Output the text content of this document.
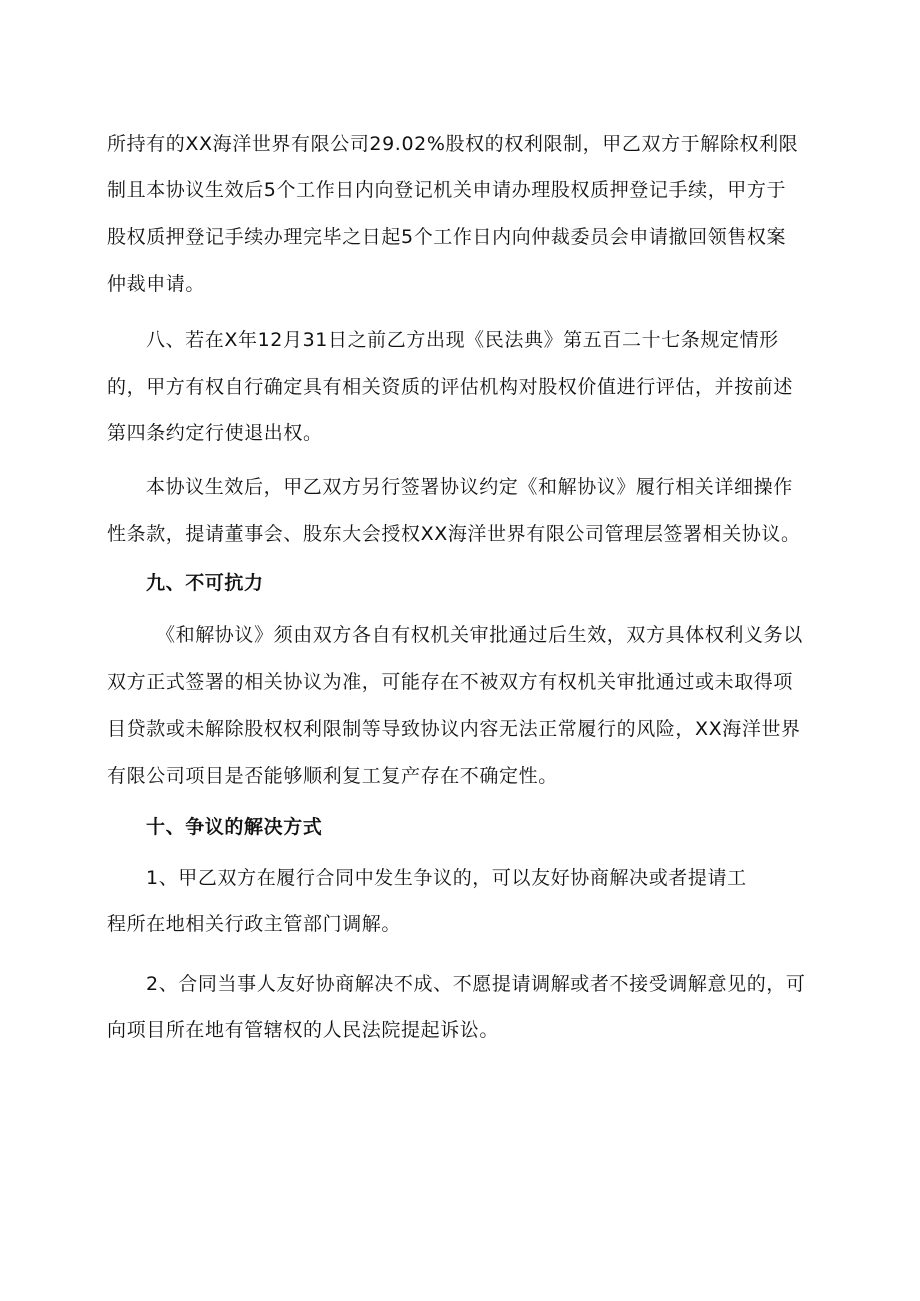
所持有的XX海洋世界有限公司29.02%股权的权利限制，甲乙双方于解除权利限
制且本协议生效后5个工作日内向登记机关申请办理股权质押登记手续，甲方于
股权质押登记手续办理完毕之日起5个工作日内向仲裁委员会申请撤回领售权案
仲裁申请。
八、若在X年12月31日之前乙方出现《民法典》第五百二十七条规定情形
的，甲方有权自行确定具有相关资质的评估机构对股权价值进行评估，并按前述
第四条约定行使退出权。
本协议生效后，甲乙双方另行签署协议约定《和解协议》履行相关详细操作
性条款，提请董事会、股东大会授权XX海洋世界有限公司管理层签署相关协议。
九、不可抗力
《和解协议》须由双方各自有权机关审批通过后生效，双方具体权利义务以
双方正式签署的相关协议为准，可能存在不被双方有权机关审批通过或未取得项
目贷款或未解除股权权利限制等导致协议内容无法正常履行的风险，XX海洋世界
有限公司项目是否能够顺利复工复产存在不确定性。
十、争议的解决方式
1、甲乙双方在履行合同中发生争议的，可以友好协商解决或者提请工
程所在地相关行政主管部门调解。
2、合同当事人友好协商解决不成、不愿提请调解或者不接受调解意见的，可
向项目所在地有管辖权的人民法院提起诉讼。
